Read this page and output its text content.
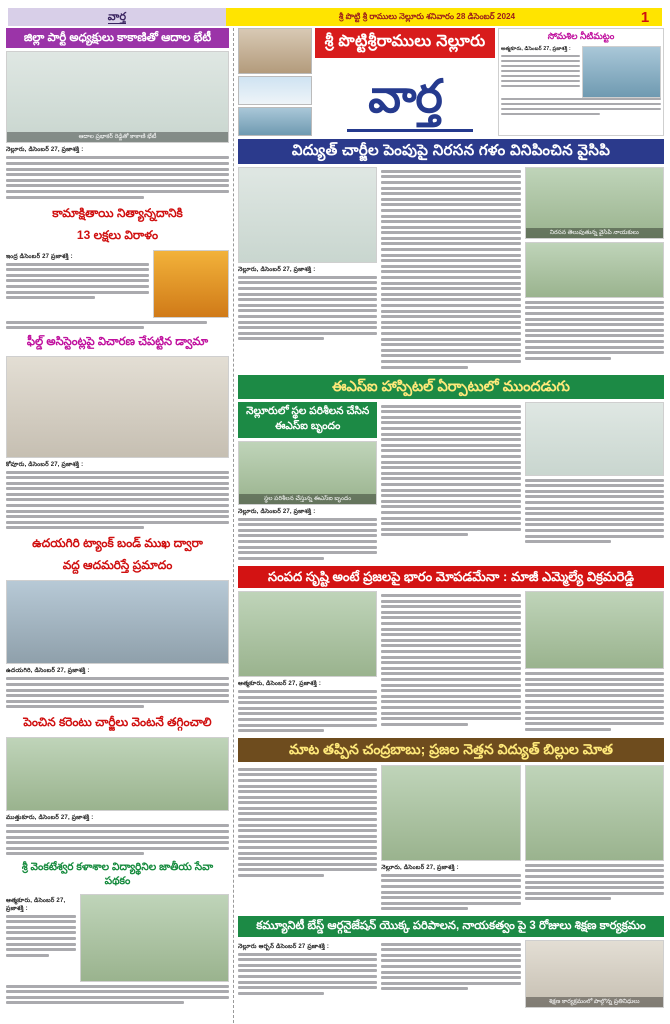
వార్త	శ్రీ పొట్టి శ్రీ రాములు నెల్లూరు శనివారం 28 డిసెంబర్ 2024	1
జిల్లా పార్టీ అధ్యక్షులు కాకాణితో ఆదాల భేటీ
ఆదాల ప్రభాకర్ రెడ్డితో కాకాణి భేటీ
నెల్లూరు, డిసెంబర్ 27, ప్రజాశక్తి :
కామాక్షితాయి నిత్యాన్నదానికి
13 లక్షలు విరాళం
ఇంద్ర డిసెంబర్ 27 ప్రజాశక్తి :
ఫీల్డ్ అసిస్టెంట్లపై విచారణ చేపట్టిన డ్వామా
కోవూరు, డిసెంబర్ 27, ప్రజాశక్తి :
ఉదయగిరి ట్యాంక్ బండ్ ముఖ ద్వారా
వద్ద ఆదమరిస్తే ప్రమాదం
ఉదయగిరి, డిసెంబర్ 27, ప్రజాశక్తి :
పెంచిన కరెంటు చార్జీలు వెంటనే తగ్గించాలి
ముత్తుకూరు, డిసెంబర్ 27, ప్రజాశక్తి :
శ్రీ వెంకటేశ్వర కళాశాల విద్యార్థినిల జాతీయ సేవా పథకం
ఆత్మకూరు, డిసెంబర్ 27, ప్రజాశక్తి :
శ్రీ పొట్టిశ్రీరాములు నెల్లూరు
వార్త
సోమశిల నీటిమట్టం
ఆత్మకూరు, డిసెంబర్ 27, ప్రజాశక్తి :
విద్యుత్ చార్జీల పెంపుపై నిరసన గళం వినిపించిన వైసిపి
నెల్లూరు, డిసెంబర్ 27, ప్రజాశక్తి :
నిరసన తెలుపుతున్న వైసిపి నాయకులు
ఈఎస్ఐ హాస్పిటల్ ఏర్పాటులో ముందడుగు
నెల్లూరులో స్థల పరిశీలన చేసిన ఈఎస్ఐ బృందం
స్థల పరిశీలన చేస్తున్న ఈఎస్ఐ బృందం
నెల్లూరు, డిసెంబర్ 27, ప్రజాశక్తి :
సంపద సృష్టి అంటే ప్రజలపై భారం మోపడమేనా : మాజీ ఎమ్మెల్యే విక్రమరెడ్డి
ఆత్మకూరు, డిసెంబర్ 27, ప్రజాశక్తి :
మాట తప్పిన చంద్రబాబు; ప్రజల నెత్తన విద్యుత్ బిల్లుల మోత
నెల్లూరు, డిసెంబర్ 27, ప్రజాశక్తి :
కమ్యూనిటీ బేస్డ్ ఆర్గనైజేషన్ యొక్క పరిపాలన, నాయకత్వం పై 3 రోజులు శిక్షణ కార్యక్రమం
నెల్లూరు ఆర్బన్ డిసెంబర్ 27 ప్రజాశక్తి :
శిక్షణ కార్యక్రమంలో పాల్గొన్న ప్రతినిధులు
